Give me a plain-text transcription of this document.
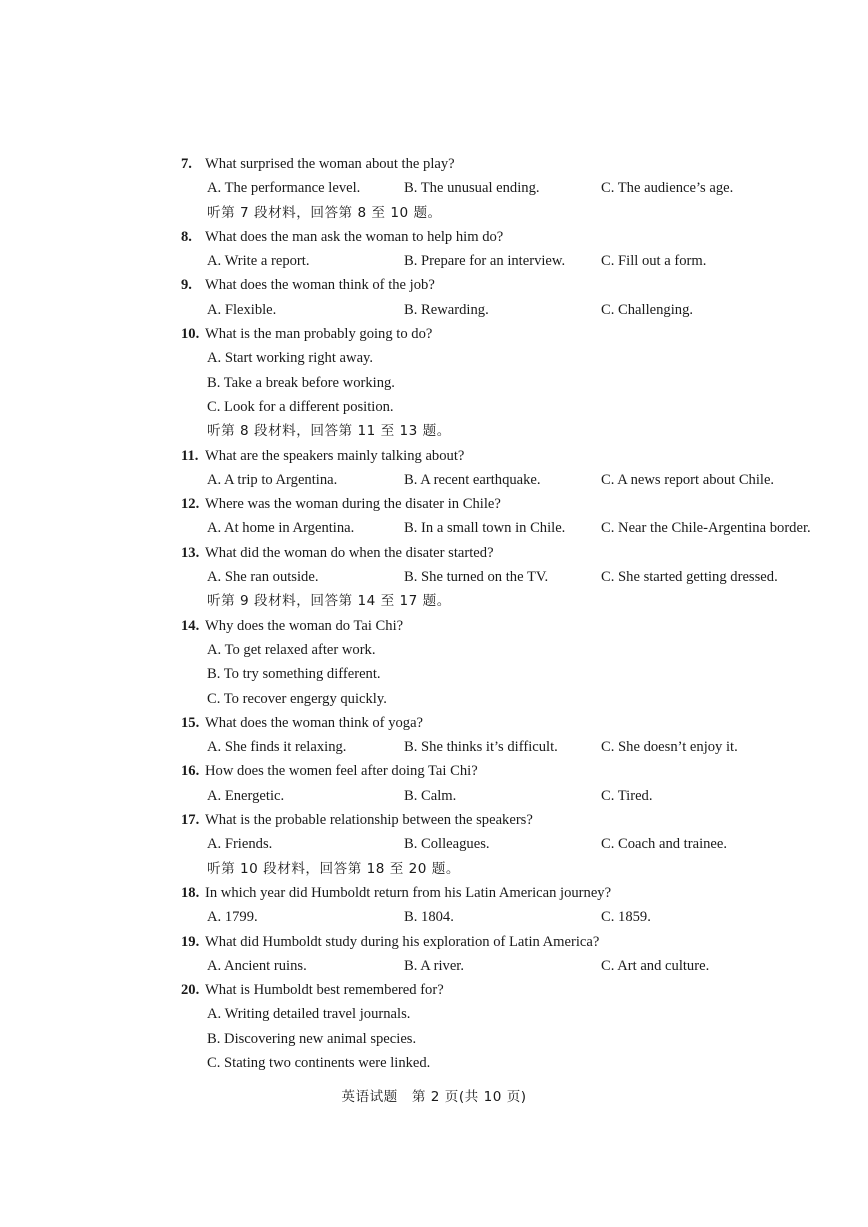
7. What surprised the woman about the play?
A. The performance level.	B. The unusual ending.	C. The audience’s age.
听第 7 段材料，回答第 8 至 10 题。
8. What does the man ask the woman to help him do?
A. Write a report.	B. Prepare for an interview. C. Fill out a form.
9. What does the woman think of the job?
A. Flexible.	B. Rewarding.	C. Challenging.
10. What is the man probably going to do?
A. Start working right away.
B. Take a break before working.
C. Look for a different position.
听第 8 段材料，回答第 11 至 13 题。
11. What are the speakers mainly talking about?
A. A trip to Argentina.	B. A recent earthquake.	C. A news report about Chile.
12. Where was the woman during the disater in Chile?
A. At home in Argentina.	B. In a small town in Chile. C. Near the Chile-Argentina border.
13. What did the woman do when the disater started?
A. She ran outside.	B. She turned on the TV.	C. She started getting dressed.
听第 9 段材料，回答第 14 至 17 题。
14. Why does the woman do Tai Chi?
A. To get relaxed after work.
B. To try something different.
C. To recover engergy quickly.
15. What does the woman think of yoga?
A. She finds it relaxing.	B. She thinks it’s difficult.	C. She doesn’t enjoy it.
16. How does the women feel after doing Tai Chi?
A. Energetic.	B. Calm.	C. Tired.
17. What is the probable relationship between the speakers?
A. Friends.	B. Colleagues.	C. Coach and trainee.
听第 10 段材料，回答第 18 至 20 题。
18. In which year did Humboldt return from his Latin American journey?
A. 1799.	B. 1804.	C. 1859.
19. What did Humboldt study during his exploration of Latin America?
A. Ancient ruins.	B. A river.	C. Art and culture.
20. What is Humboldt best remembered for?
A. Writing detailed travel journals.
B. Discovering new animal species.
C. Stating two continents were linked.
英语试题　第 2 页(共 10 页)
